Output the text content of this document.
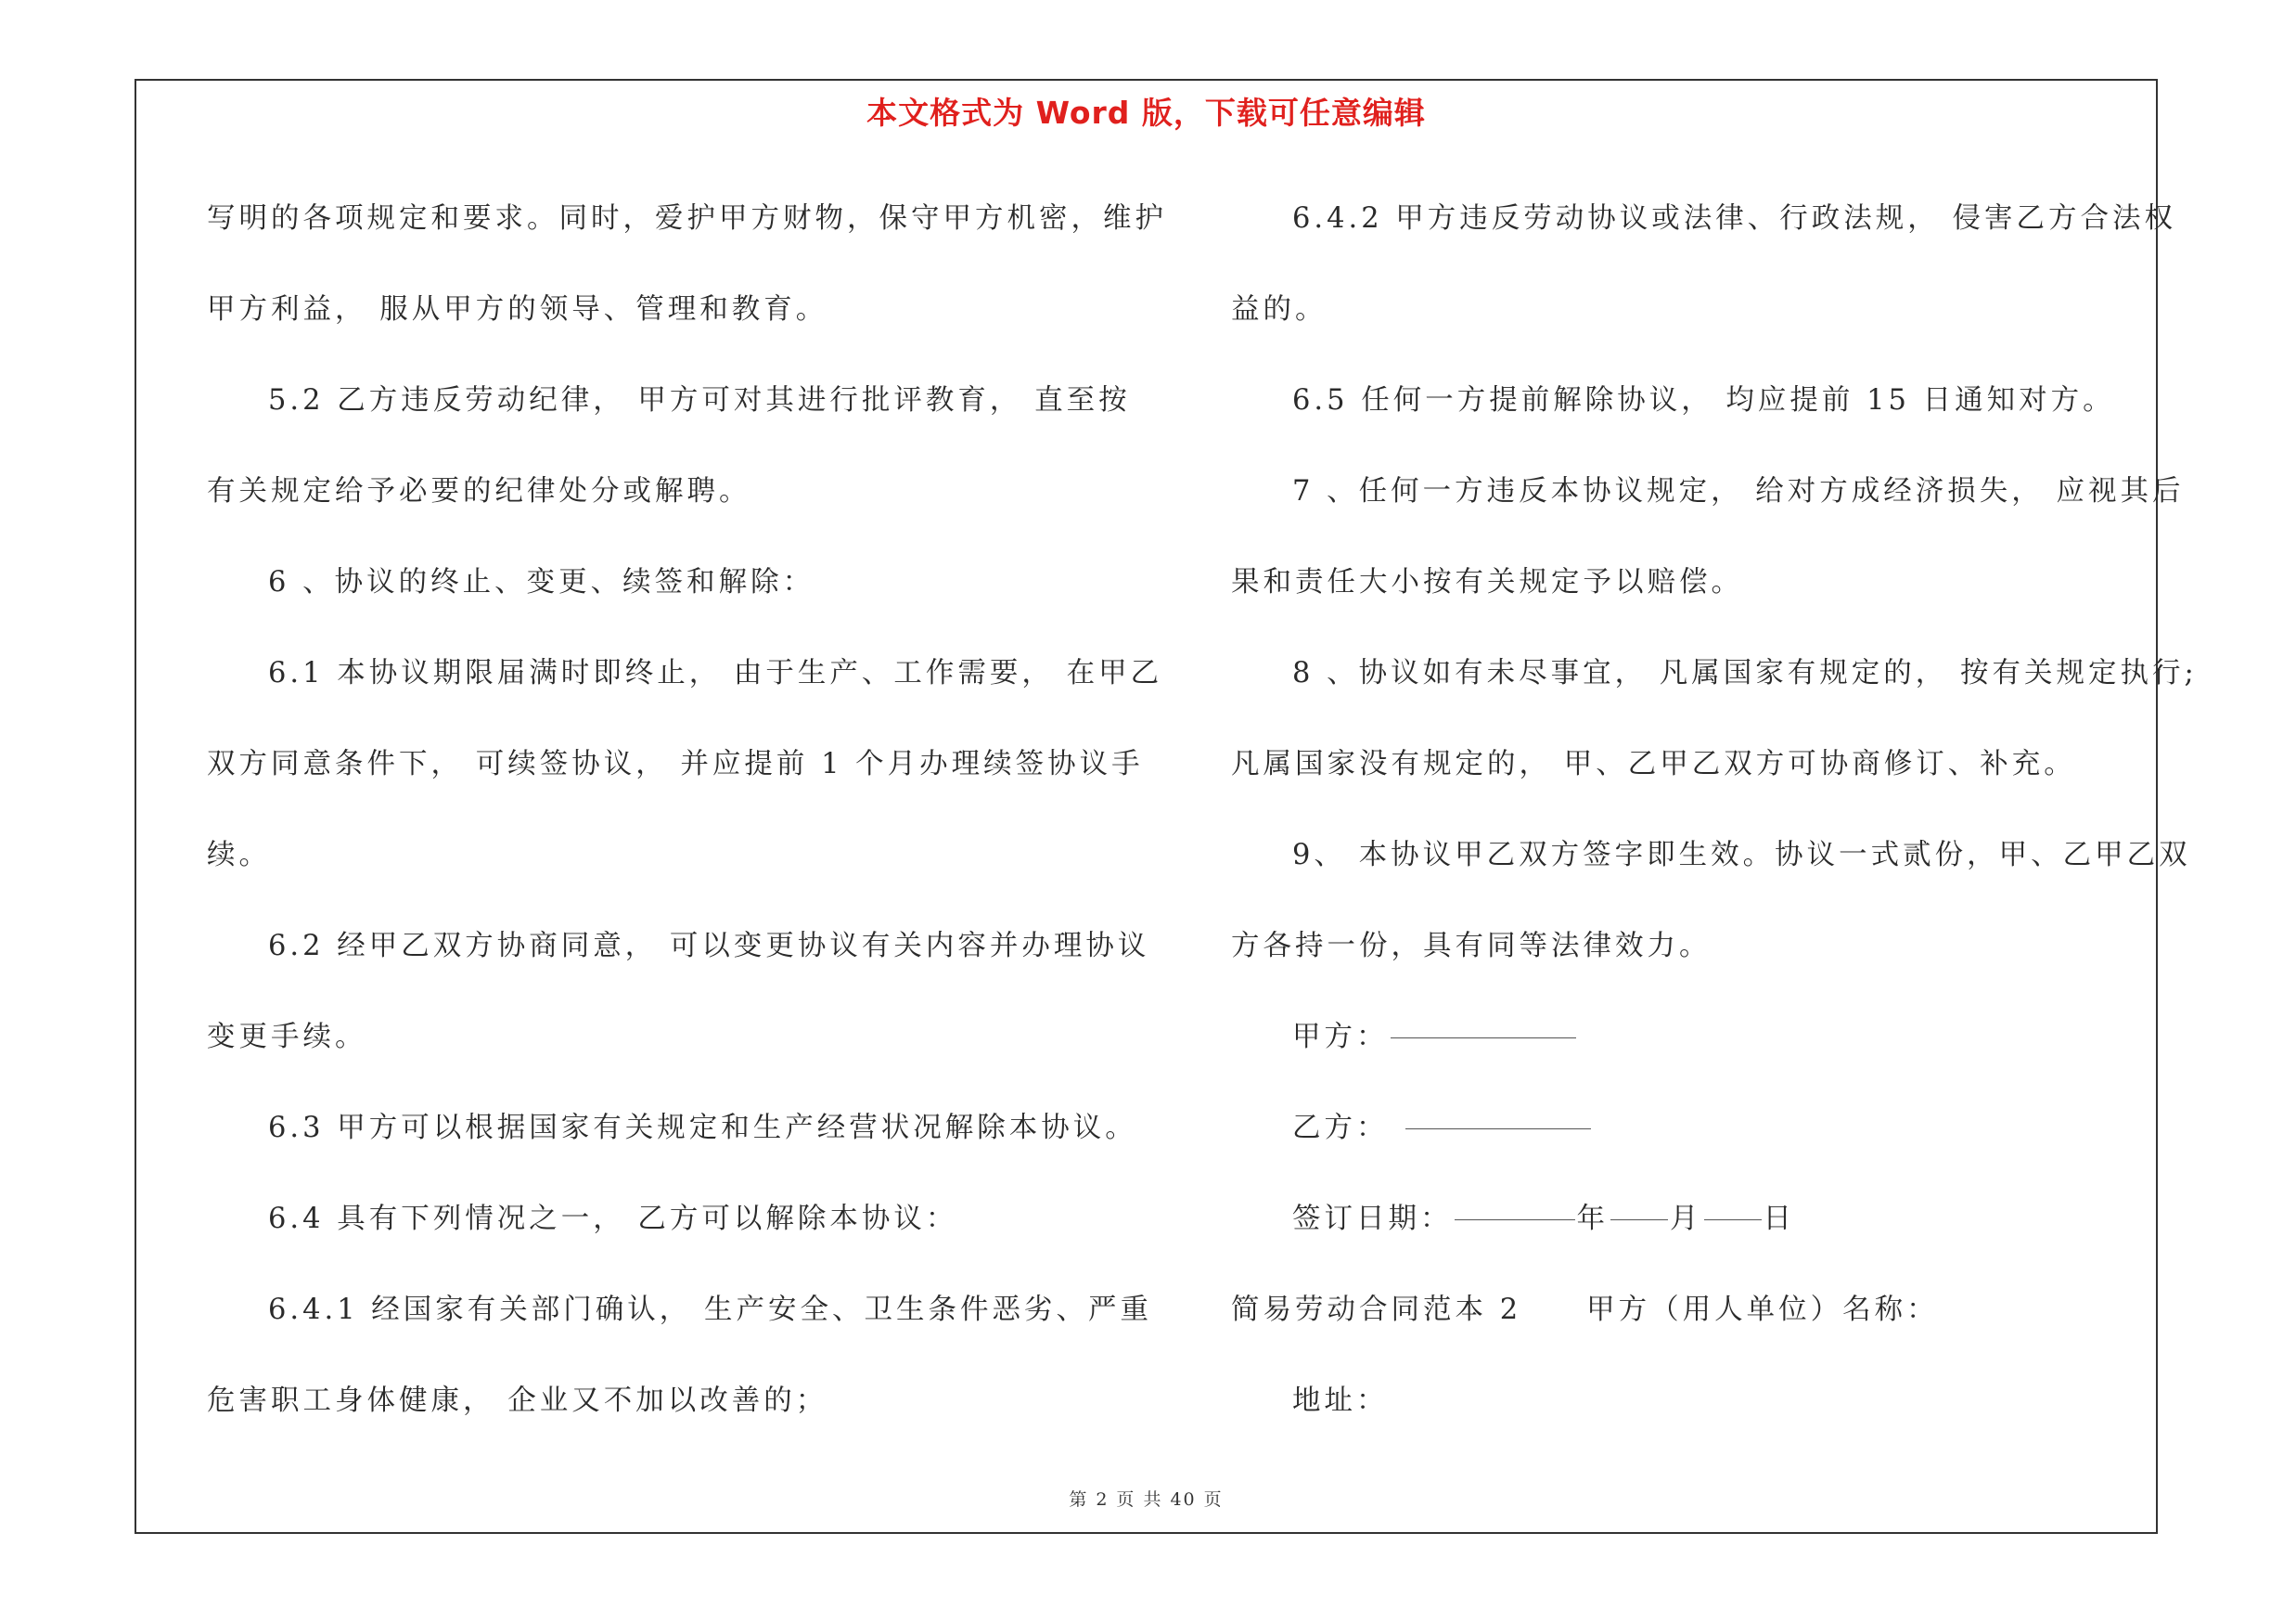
本文格式为 Word 版，下载可任意编辑
写明的各项规定和要求。同时，爱护甲方财物，保守甲方机密，维护
甲方利益， 服从甲方的领导、管理和教育。
5.2 乙方违反劳动纪律， 甲方可对其进行批评教育， 直至按
有关规定给予必要的纪律处分或解聘。
6 、协议的终止、变更、续签和解除：
6.1 本协议期限届满时即终止， 由于生产、工作需要， 在甲乙
双方同意条件下， 可续签协议， 并应提前 1 个月办理续签协议手
续。
6.2 经甲乙双方协商同意， 可以变更协议有关内容并办理协议
变更手续。
6.3 甲方可以根据国家有关规定和生产经营状况解除本协议。
6.4 具有下列情况之一， 乙方可以解除本协议：
6.4.1 经国家有关部门确认， 生产安全、卫生条件恶劣、严重
危害职工身体健康， 企业又不加以改善的；
6.4.2 甲方违反劳动协议或法律、行政法规， 侵害乙方合法权
益的。
6.5 任何一方提前解除协议， 均应提前 15 日通知对方。
7 、任何一方违反本协议规定， 给对方成经济损失， 应视其后
果和责任大小按有关规定予以赔偿。
8 、协议如有未尽事宜， 凡属国家有规定的， 按有关规定执行;
凡属国家没有规定的， 甲、乙甲乙双方可协商修订、补充。
9、 本协议甲乙双方签字即生效。协议一式贰份，甲、乙甲乙双
方各持一份，具有同等法律效力。
甲方：
乙方：
签订日期：	年 月 日
简易劳动合同范本 2 甲方（用人单位）名称：
地址：
第 2 页 共 40 页
